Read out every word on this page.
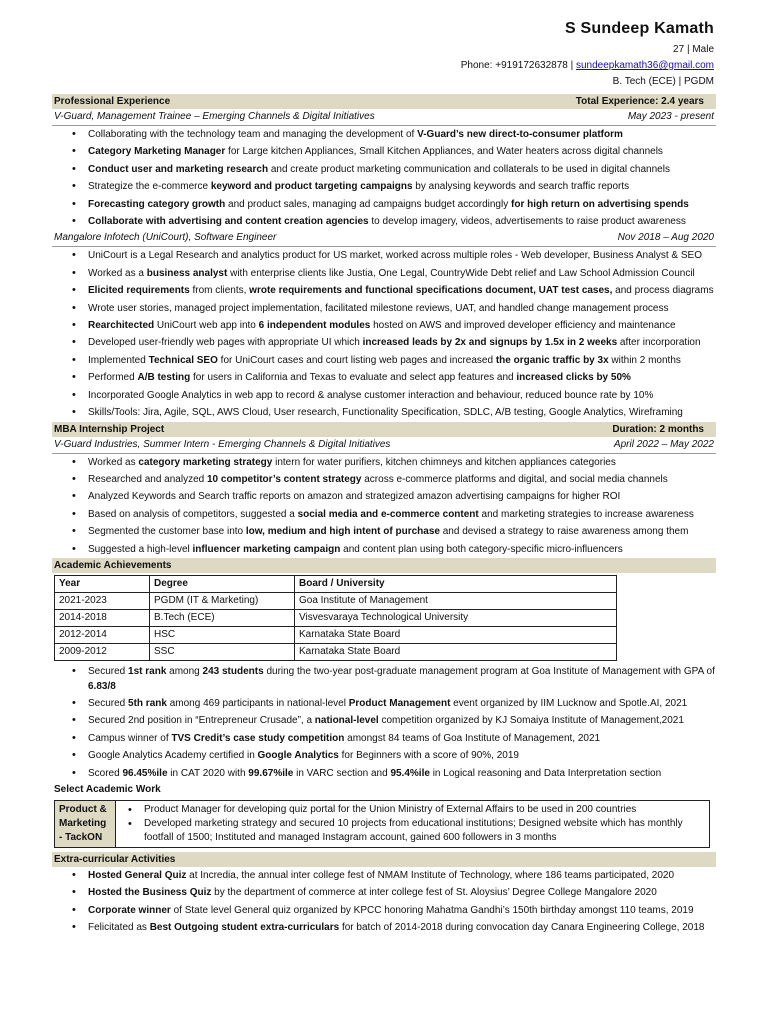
S Sundeep Kamath
27 | Male
Phone: +919172632878 | sundeepkamath36@gmail.com
B. Tech (ECE) | PGDM
Professional Experience	Total Experience: 2.4 years
V-Guard, Management Trainee – Emerging Channels & Digital Initiatives	May 2023 - present
• Collaborating with the technology team and managing the development of V-Guard’s new direct-to-consumer platform
• Category Marketing Manager for Large kitchen Appliances, Small Kitchen Appliances, and Water heaters across digital channels
• Conduct user and marketing research and create product marketing communication and collaterals to be used in digital channels
• Strategize the e-commerce keyword and product targeting campaigns by analysing keywords and search traffic reports
• Forecasting category growth and product sales, managing ad campaigns budget accordingly for high return on advertising spends
• Collaborate with advertising and content creation agencies to develop imagery, videos, advertisements to raise product awareness
Mangalore Infotech (UniCourt), Software Engineer	Nov 2018 – Aug 2020
• UniCourt is a Legal Research and analytics product for US market, worked across multiple roles - Web developer, Business Analyst & SEO
• Worked as a business analyst with enterprise clients like Justia, One Legal, CountryWide Debt relief and Law School Admission Council
• Elicited requirements from clients, wrote requirements and functional specifications document, UAT test cases, and process diagrams
• Wrote user stories, managed project implementation, facilitated milestone reviews, UAT, and handled change management process
• Rearchitected UniCourt web app into 6 independent modules hosted on AWS and improved developer efficiency and maintenance
• Developed user-friendly web pages with appropriate UI which increased leads by 2x and signups by 1.5x in 2 weeks after incorporation
• Implemented Technical SEO for UniCourt cases and court listing web pages and increased the organic traffic by 3x within 2 months
• Performed A/B testing for users in California and Texas to evaluate and select app features and increased clicks by 50%
• Incorporated Google Analytics in web app to record & analyse customer interaction and behaviour, reduced bounce rate by 10%
• Skills/Tools: Jira, Agile, SQL, AWS Cloud, User research, Functionality Specification, SDLC, A/B testing, Google Analytics, Wireframing
MBA Internship Project	Duration: 2 months
V-Guard Industries, Summer Intern - Emerging Channels & Digital Initiatives	April 2022 – May 2022
• Worked as category marketing strategy intern for water purifiers, kitchen chimneys and kitchen appliances categories
• Researched and analyzed 10 competitor’s content strategy across e-commerce platforms and digital, and social media channels
• Analyzed Keywords and Search traffic reports on amazon and strategized amazon advertising campaigns for higher ROI
• Based on analysis of competitors, suggested a social media and e-commerce content and marketing strategies to increase awareness
• Segmented the customer base into low, medium and high intent of purchase and devised a strategy to raise awareness among them
• Suggested a high-level influencer marketing campaign and content plan using both category-specific micro-influencers
Academic Achievements
Year	Degree	Board / University
2021-2023	PGDM (IT & Marketing)	Goa Institute of Management
2014-2018	B.Tech (ECE)	Visvesvaraya Technological University
2012-2014	HSC	Karnataka State Board
2009-2012	SSC	Karnataka State Board
• Secured 1st rank among 243 students during the two-year post-graduate management program at Goa Institute of Management with GPA of 6.83/8
• Secured 5th rank among 469 participants in national-level Product Management event organized by IIM Lucknow and Spotle.AI, 2021
• Secured 2nd position in “Entrepreneur Crusade”, a national-level competition organized by KJ Somaiya Institute of Management,2021
• Campus winner of TVS Credit’s case study competition amongst 84 teams of Goa Institute of Management, 2021
• Google Analytics Academy certified in Google Analytics for Beginners with a score of 90%, 2019
• Scored 96.45%ile in CAT 2020 with 99.67%ile in VARC section and 95.4%ile in Logical reasoning and Data Interpretation section
Select Academic Work
Product & Marketing - TackON	
• Product Manager for developing quiz portal for the Union Ministry of External Affairs to be used in 200 countries
• Developed marketing strategy and secured 10 projects from educational institutions; Designed website which has monthly footfall of 1500; Instituted and managed Instagram account, gained 600 followers in 3 months
Extra-curricular Activities
• Hosted General Quiz at Incredia, the annual inter college fest of NMAM Institute of Technology, where 186 teams participated, 2020
• Hosted the Business Quiz by the department of commerce at inter college fest of St. Aloysius’ Degree College Mangalore 2020
• Corporate winner of State level General quiz organized by KPCC honoring Mahatma Gandhi’s 150th birthday amongst 110 teams, 2019
• Felicitated as Best Outgoing student extra-curriculars for batch of 2014-2018 during convocation day Canara Engineering College, 2018
